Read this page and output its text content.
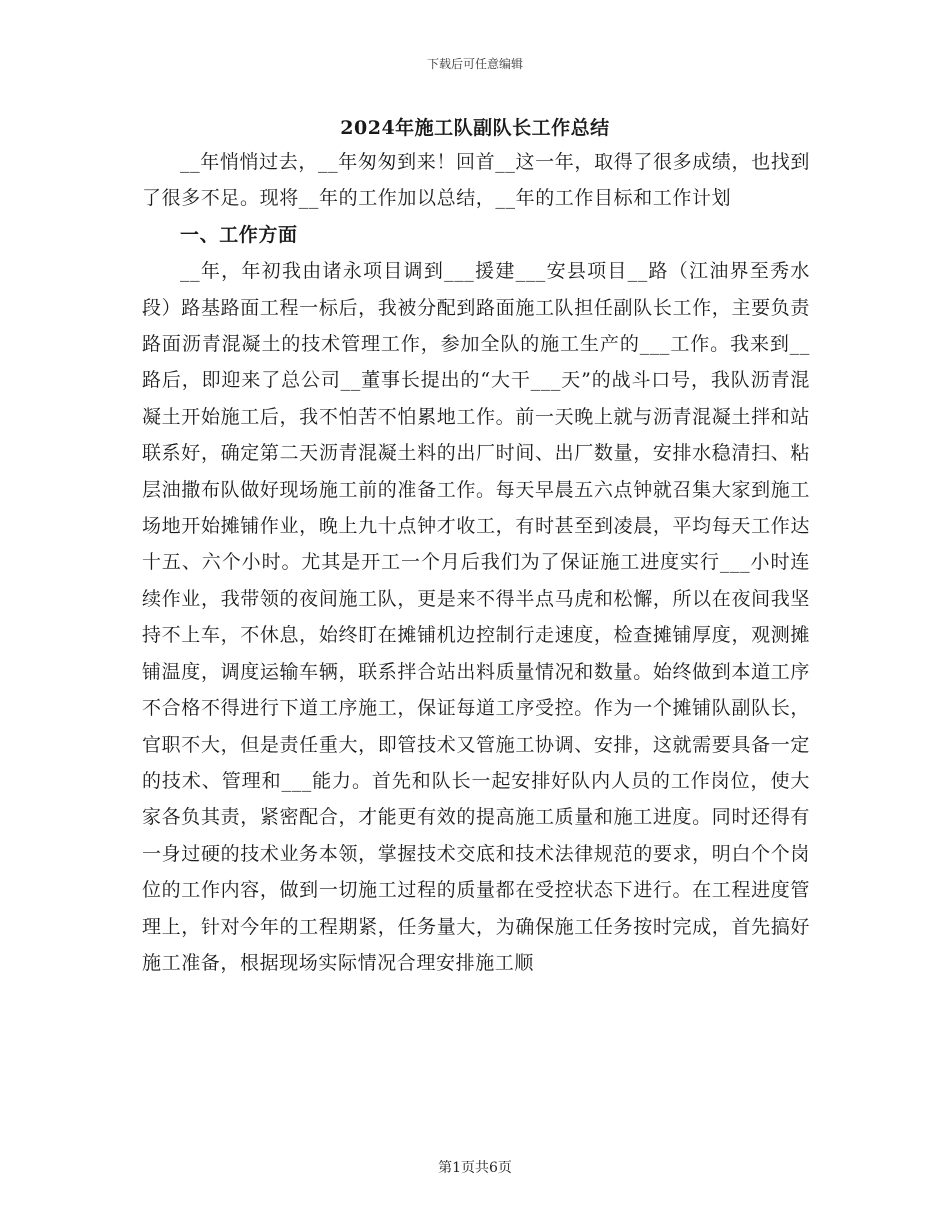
下载后可任意编辑
2024年施工队副队长工作总结

__年悄悄过去，__年匆匆到来！回首__这一年，取得了很多成绩，也找到了很多不足。现将__年的工作加以总结，__年的工作目标和工作计划

一、工作方面

__年，年初我由诸永项目调到___援建___安县项目__路（江油界至秀水段）路基路面工程一标后，我被分配到路面施工队担任副队长工作，主要负责路面沥青混凝土的技术管理工作，参加全队的施工生产的___工作。我来到__路后，即迎来了总公司__董事长提出的“大干___天”的战斗口号，我队沥青混凝土开始施工后，我不怕苦不怕累地工作。前一天晚上就与沥青混凝土拌和站联系好，确定第二天沥青混凝土料的出厂时间、出厂数量，安排水稳清扫、粘层油撒布队做好现场施工前的准备工作。每天早晨五六点钟就召集大家到施工场地开始摊铺作业，晚上九十点钟才收工，有时甚至到凌晨，平均每天工作达十五、六个小时。尤其是开工一个月后我们为了保证施工进度实行___小时连续作业，我带领的夜间施工队，更是来不得半点马虎和松懈，所以在夜间我坚持不上车，不休息，始终盯在摊铺机边控制行走速度，检查摊铺厚度，观测摊铺温度，调度运输车辆，联系拌合站出料质量情况和数量。始终做到本道工序不合格不得进行下道工序施工，保证每道工序受控。作为一个摊铺队副队长，官职不大，但是责任重大，即管技术又管施工协调、安排，这就需要具备一定的技术、管理和___能力。首先和队长一起安排好队内人员的工作岗位，使大家各负其责，紧密配合，才能更有效的提高施工质量和施工进度。同时还得有一身过硬的技术业务本领，掌握技术交底和技术法律规范的要求，明白个个岗位的工作内容，做到一切施工过程的质量都在受控状态下进行。在工程进度管理上，针对今年的工程期紧，任务量大，为确保施工任务按时完成，首先搞好施工准备，根据现场实际情况合理安排施工顺

第1页共6页
